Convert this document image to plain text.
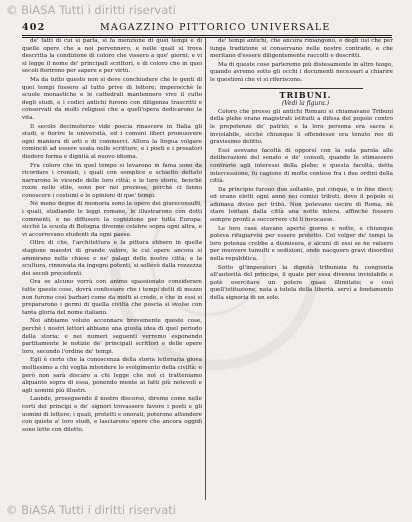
© BiASA Tutti i diritti riservati
402	MAGAZZINO PITTORICO UNIVERSALE

de' fatti di cui si parla, si fa menzione di quei tempi e di quelle opere che a noi pervennero, e nelle quali si trova descritta la condizione di coloro che vissero a que' giorni; e vi si legge il nome de' principali scrittori, e di coloro che in quei secoli fiorirono per sapere e per virtù.

Ma da tutto questo non si deve conchiudere che le genti di quei tempi fossero al tutto prive di lettere; imperocchè le scuole monastiche e le cattedrali mantennero vivo il culto degli studi, e i codici antichi furono con diligenza trascritti e conservati da molti religiosi che a quell'opera dedicarono la vita.

Il secolo decimoterzo vide poscia rinascere in Italia gli studi, e fiorire le università, ed i comuni liberi promuovere ogni maniera di arti e di commerci. Allora la lingua volgare cominciò ad essere usata nelle scritture, e i poeti e i prosatori diedero forma e dignità al nuovo idioma.

Fra coloro che in quel tempo si levarono in fama sono da ricordare i cronisti, i quali con semplice e schietto dettato narrarono le vicende delle loro città; e le loro storie, benchè rozze nello stile, sono per noi preziose, perchè ci fanno conoscere i costumi e le opinioni di que' tempi.

Nè meno degne di memoria sono le opere dei giureconsulti, i quali, studiando le leggi romane, le illustrarono con dotti commenti, e ne diffusero la cognizione per tutta Europa; sicchè la scuola di Bologna divenne celebre sopra ogni altra, e vi accorrevano studenti da ogni paese.

Oltre di che, l'architettura e la pittura ebbero in quella stagione maestri di grande valore, le cui opere ancora si ammirano nelle chiese e ne' palagi delle nostre città; e la scultura, rinnovata da ingegni potenti, si sollevò dalla rozzezza dei secoli precedenti.

Ora se alcuno vorrà con animo spassionato considerare tutte queste cose, dovrà confessare che i tempi detti di mezzo non furono così barbari come da molti si crede, e che in essi si prepararono i germi di quella civiltà che poscia si svolse con tanta gloria del nome italiano.

Noi abbiamo voluto accennare brevemente queste cose, perchè i nostri lettori abbiano una giusta idea di quel periodo della storia; e nei numeri seguenti verremo esponendo partitamente le notizie de' principali scrittori e delle opere loro, secondo l'ordine de' tempi.

Egli è certo che la conoscenza della storia letteraria giova moltissimo a chi voglia intendere lo svolgimento della civiltà; e però non sarà discaro a chi legge che noi ci tratteniamo alquanto sopra di essa, ponendo mente ai fatti più notevoli e agli uomini più illustri.

Laonde, proseguendo il nostro discorso, diremo come nelle corti dei principi e de' signori trovassero favore i poeti e gli uomini di lettere; i quali, protetti e onorati, poterono attendere con quiete a' loro studi, e lasciarono opere che ancora oggidì sono lette con diletto.

de' tempi antichi, che ancora rimangono, e degli usi che per lunga tradizione si conservano nelle nostre contrade, e che meritano d'essere diligentemente raccolti e descritti.

Ma di queste cose parleremo più distesamente in altro luogo, quando avremo sotto gli occhi i documenti necessari a chiarire le questioni che vi si riferiscono.

TRIBUNI.

(Vedi la figura.)

Coloro che presso gli antichi Romani si chiamavano Tribuni della plebe erano magistrati istituiti a difesa del popolo contro le prepotenze de' patrizi; e la loro persona era sacra e inviolabile, sicchè chiunque li offendesse era tenuto reo di gravissimo delitto.

Essi avevano facoltà di opporsi con la sola parola alle deliberazioni del senato e de' consoli, quando le stimassero contrarie agli interessi della plebe; e questa facoltà, detta intercessione, fu cagione di molte contese fra i due ordini della città.

Da principio furono due soltanto, poi cinque, e in fine dieci; ed erano eletti ogni anno nei comizi tributi, dove il popolo si adunava diviso per tribù. Non potevano uscire di Roma, nè stare lontani dalla città una notte intera, affinchè fossero sempre pronti a soccorrere chi li invocasse.

Le loro case stavano aperte giorno e notte, e chiunque poteva rifugiarvisi per essere protetto. Col volger de' tempi la loro potenza crebbe a dismisura, e alcuni di essi se ne valsero per muovere tumulti e sedizioni, onde nacquero gravi disordini nella repubblica.

Sotto gl'imperatori la dignità tribunizia fu congiunta all'autorità del principe, il quale per essa divenne inviolabile e potè esercitare un potere quasi illimitato; e così quell'istituzione, nata a tutela della libertà, servì a fondamento della signoria di un solo.

© BiASA Tutti i diritti riservati
